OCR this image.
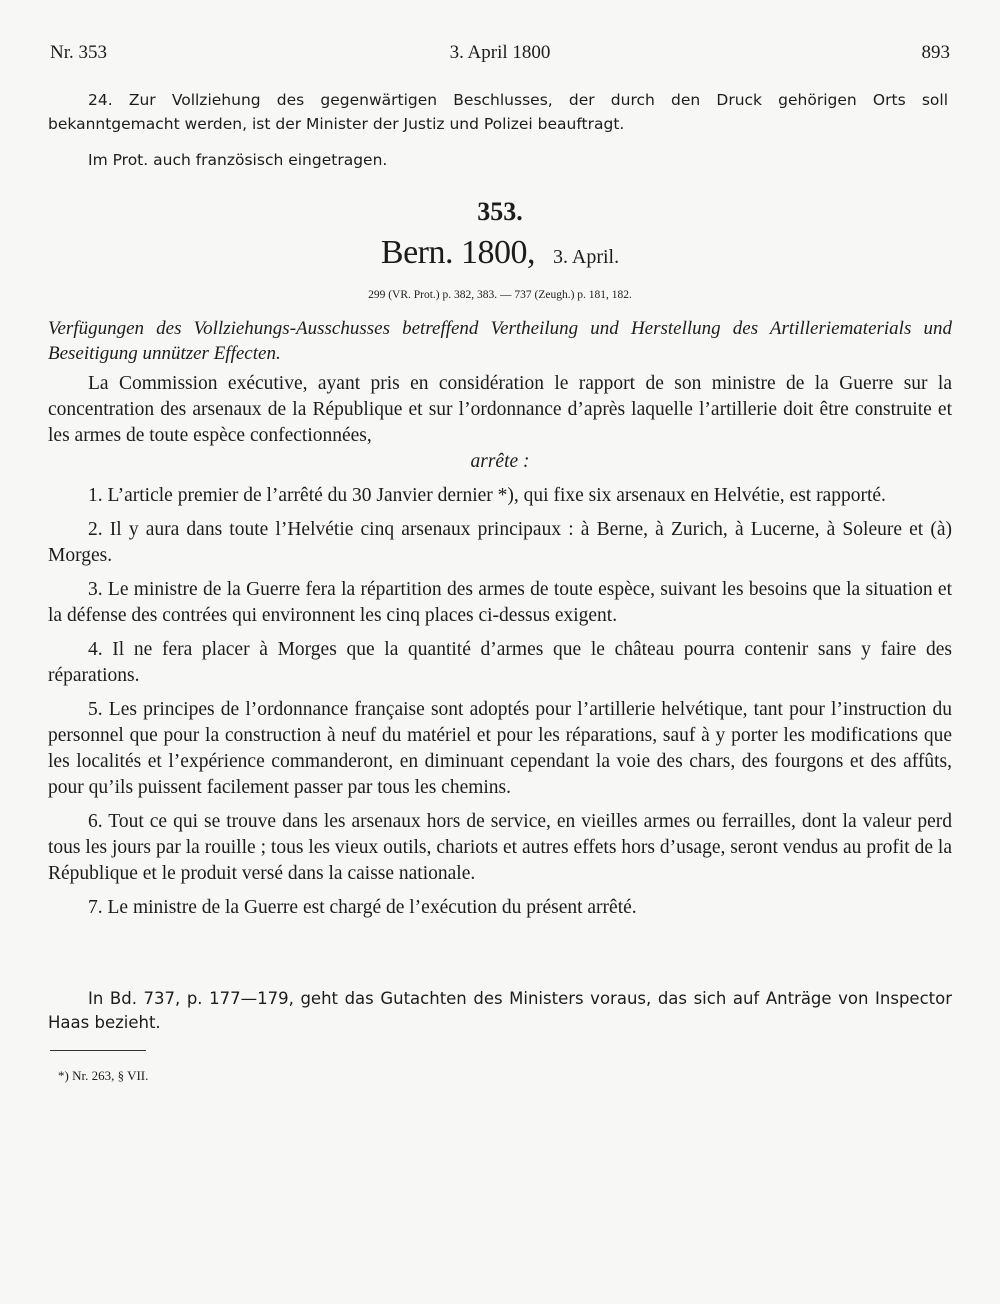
Nr. 353	3. April 1800	893
24. Zur Vollziehung des gegenwärtigen Beschlusses, der durch den Druck gehörigen Orts soll bekanntgemacht werden, ist der Minister der Justiz und Polizei beauftragt.
Im Prot. auch französisch eingetragen.
353.
Bern. 1800, 3. April.
299 (VR. Prot.) p. 382, 383. — 737 (Zeugh.) p. 181, 182.
Verfügungen des Vollziehungs-Ausschusses betreffend Vertheilung und Herstellung des Artilleriematerials und Beseitigung unnützer Effecten.

La Commission exécutive, ayant pris en considération le rapport de son ministre de la Guerre sur la concentration des arsenaux de la République et sur l’ordonnance d’après laquelle l’artillerie doit être construite et les armes de toute espèce confectionnées,

arrête :

1. L’article premier de l’arrêté du 30 Janvier dernier *), qui fixe six arsenaux en Helvétie, est rapporté.

2. Il y aura dans toute l’Helvétie cinq arsenaux principaux : à Berne, à Zurich, à Lucerne, à Soleure et (à) Morges.

3. Le ministre de la Guerre fera la répartition des armes de toute espèce, suivant les besoins que la situation et la défense des contrées qui environnent les cinq places ci-dessus exigent.

4. Il ne fera placer à Morges que la quantité d’armes que le château pourra contenir sans y faire des réparations.

5. Les principes de l’ordonnance française sont adoptés pour l’artillerie helvétique, tant pour l’instruction du personnel que pour la construction à neuf du matériel et pour les réparations, sauf à y porter les modifications que les localités et l’expérience commanderont, en diminuant cependant la voie des chars, des fourgons et des affûts, pour qu’ils puissent facilement passer par tous les chemins.

6. Tout ce qui se trouve dans les arsenaux hors de service, en vieilles armes ou ferrailles, dont la valeur perd tous les jours par la rouille ; tous les vieux outils, chariots et autres effets hors d’usage, seront vendus au profit de la République et le produit versé dans la caisse nationale.

7. Le ministre de la Guerre est chargé de l’exécution du présent arrêté.

In Bd. 737, p. 177—179, geht das Gutachten des Ministers voraus, das sich auf Anträge von Inspector Haas bezieht.
*) Nr. 263, § VII.
